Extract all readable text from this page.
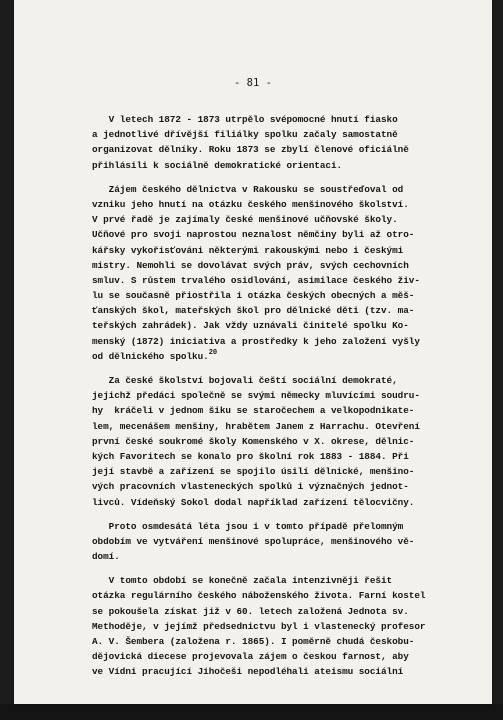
- 81 -
V letech 1872 - 1873 utrpělo svépomocné hnutí fiasko
a jednotlivé dřívější filiálky spolku začaly samostatně
organizovat dělníky. Roku 1873 se zbylí členové oficiálně
přihlásili k sociálně demokratické orientaci.
Zájem českého dělnictva v Rakousku se soustřeďoval od
vzniku jeho hnutí na otázku českého menšinového školství.
V prvé řadě je zajímaly české menšinové učňovské školy.
Učňové pro svoji naprostou neznalost němčiny byli až otro-
kářsky vykořisťováni některými rakouskými nebo i českými
mistry. Nemohli se dovolávat svých práv, svých cechovních
smluv. S růstem trvalého osidlování, asimilace českého živ-
lu se současně přiostřila i otázka českých obecných a měš-
ťanských škol, mateřských škol pro dělnické děti (tzv. ma-
teřských zahrádek). Jak vždy uznávali činitelé spolku Ko-
menský (1872) iniciativa a prostředky k jeho založení vyšly
od dělnického spolku.$^{20}$
Za české školství bojovali čeští sociální demokraté,
jejichž předáci společně se svými německy mluvícími soudru-
hy  kráčeli v jednom šiku se staročechem a velkopodnikate-
lem, mecenášem menšiny, hrabětem Janem z Harrachu. Otevření
první české soukromé školy Komenského v X. okrese, dělnic-
kých Favoritech se konalo pro školní rok 1883 - 1884. Při
její stavbě a zařízení se spojilo úsilí dělnické, menšino-
vých pracovních vlasteneckých spolků i význačných jednot-
livců. Vídeňský Sokol dodal například zařízení tělocvičny.
Proto osmdesátá léta jsou i v tomto případě přelomným
obdobím ve vytváření menšinové spolupráce, menšinového vě-
domí.
V tomto období se konečně začala intenzivněji řešit
otázka regulárního českého náboženského života. Farní kostel
se pokoušela získat již v 60. letech založená Jednota sv.
Methoděje, v jejímž předsednictvu byl i vlastenecký profesor
A. V. Šembera (založena r. 1865). I poměrně chudá českobu-
dějovická diecese projevovala zájem o českou farnost, aby
ve Vídni pracující Jihočeši nepodléhali ateismu sociální
